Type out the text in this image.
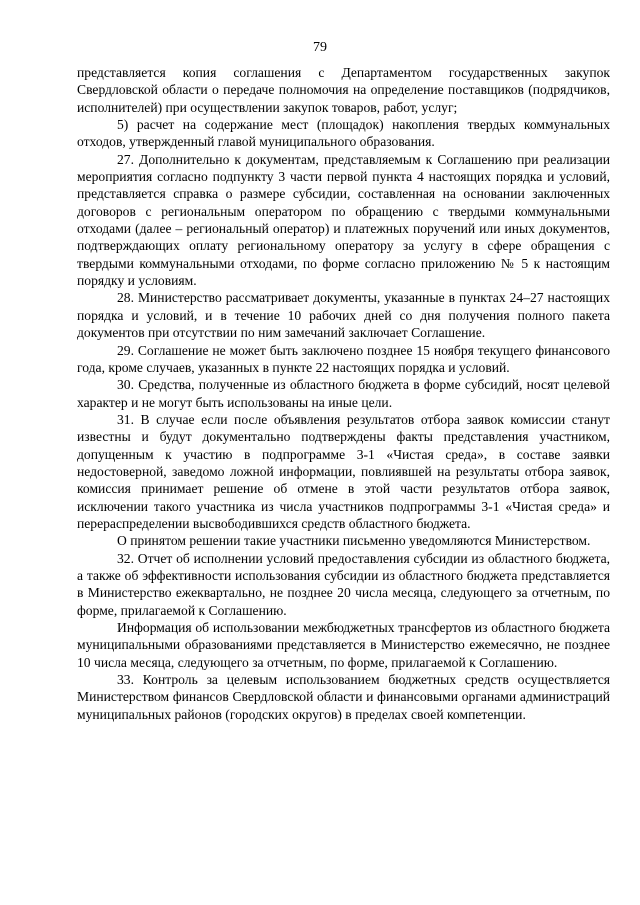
79

представляется копия соглашения с Департаментом государственных закупок Свердловской области о передаче полномочия на определение поставщиков (подрядчиков, исполнителей) при осуществлении закупок товаров, работ, услуг;

5) расчет на содержание мест (площадок) накопления твердых коммунальных отходов, утвержденный главой муниципального образования.

27. Дополнительно к документам, представляемым к Соглашению при реализации мероприятия согласно подпункту 3 части первой пункта 4 настоящих порядка и условий, представляется справка о размере субсидии, составленная на основании заключенных договоров с региональным оператором по обращению с твердыми коммунальными отходами (далее – региональный оператор) и платежных поручений или иных документов, подтверждающих оплату региональному оператору за услугу в сфере обращения с твердыми коммунальными отходами, по форме согласно приложению № 5 к настоящим порядку и условиям.

28. Министерство рассматривает документы, указанные в пунктах 24–27 настоящих порядка и условий, и в течение 10 рабочих дней со дня получения полного пакета документов при отсутствии по ним замечаний заключает Соглашение.

29. Соглашение не может быть заключено позднее 15 ноября текущего финансового года, кроме случаев, указанных в пункте 22 настоящих порядка и условий.

30. Средства, полученные из областного бюджета в форме субсидий, носят целевой характер и не могут быть использованы на иные цели.

31. В случае если после объявления результатов отбора заявок комиссии станут известны и будут документально подтверждены факты представления участником, допущенным к участию в подпрограмме 3-1 «Чистая среда», в составе заявки недостоверной, заведомо ложной информации, повлиявшей на результаты отбора заявок, комиссия принимает решение об отмене в этой части результатов отбора заявок, исключении такого участника из числа участников подпрограммы 3-1 «Чистая среда» и перераспределении высвободившихся средств областного бюджета.

О принятом решении такие участники письменно уведомляются Министерством.

32. Отчет об исполнении условий предоставления субсидии из областного бюджета, а также об эффективности использования субсидии из областного бюджета представляется в Министерство ежеквартально, не позднее 20 числа месяца, следующего за отчетным, по форме, прилагаемой к Соглашению.

Информация об использовании межбюджетных трансфертов из областного бюджета муниципальными образованиями представляется в Министерство ежемесячно, не позднее 10 числа месяца, следующего за отчетным, по форме, прилагаемой к Соглашению.

33. Контроль за целевым использованием бюджетных средств осуществляется Министерством финансов Свердловской области и финансовыми органами администраций муниципальных районов (городских округов) в пределах своей компетенции.
